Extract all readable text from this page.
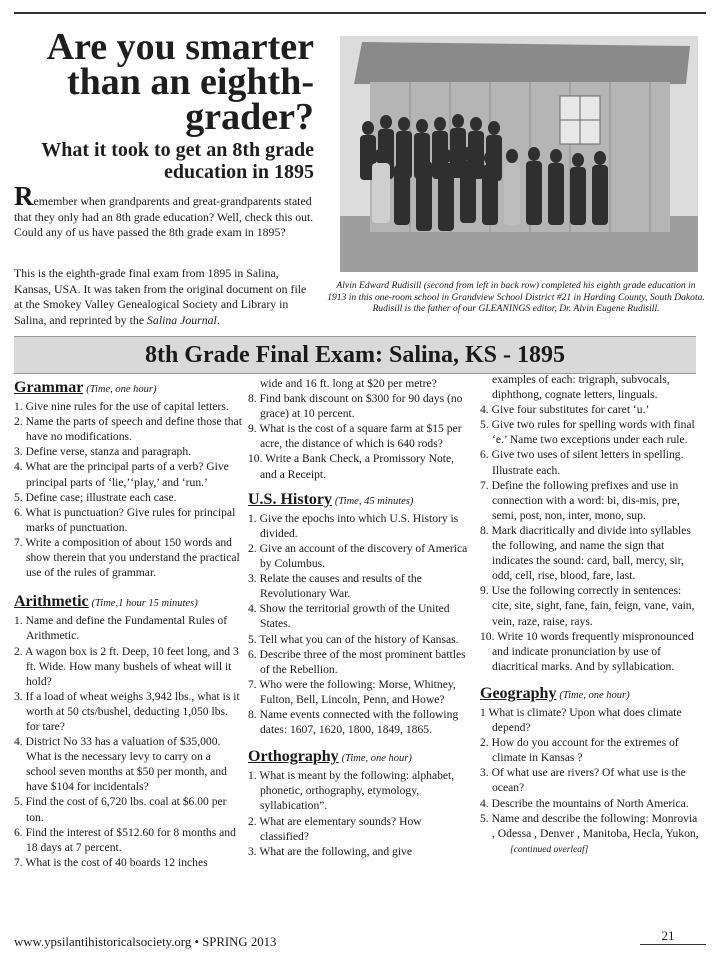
Are you smarter than an eighth-grader?
What it took to get an 8th grade education in 1895

Remember when grandparents and great-grandparents stated that they only had an 8th grade education? Well, check this out. Could any of us have passed the 8th grade exam in 1895?

This is the eighth-grade final exam from 1895 in Salina, Kansas, USA. It was taken from the original document on file at the Smokey Valley Genealogical Society and Library in Salina, and reprinted by the Salina Journal.

Alvin Edward Rudisill (second from left in back row) completed his eighth grade education in 1913 in this one-room school in Grandview School District #21 in Harding County, South Dakota. Rudisill is the father of our GLEANINGS editor, Dr. Alvin Eugene Rudisill.

8th Grade Final Exam: Salina, KS - 1895
Grammar (Time, one hour)
1. Give nine rules for the use of capital letters.
2. Name the parts of speech and define those that have no modifications.
3. Define verse, stanza and paragraph.
4. What are the principal parts of a verb? Give principal parts of ‘lie,’‘play,’ and ‘run.’
5. Define case; illustrate each case.
6. What is punctuation? Give rules for principal marks of punctuation.
7. Write a composition of about 150 words and show therein that you understand the practical use of the rules of grammar.
Arithmetic (Time,1 hour 15 minutes)
1. Name and define the Fundamental Rules of Arithmetic.
2. A wagon box is 2 ft. Deep, 10 feet long, and 3 ft. Wide. How many bushels of wheat will it hold?
3. If a load of wheat weighs 3,942 lbs., what is it worth at 50 cts/bushel, deducting 1,050 lbs. for tare?
4. District No 33 has a valuation of $35,000. What is the necessary levy to carry on a school seven months at $50 per month, and have $104 for incidentals?
5. Find the cost of 6,720 lbs. coal at $6.00 per ton.
6. Find the interest of $512.60 for 8 months and 18 days at 7 percent.
7. What is the cost of 40 boards 12 inches

wide and 16 ft. long at $20 per metre?

8. Find bank discount on $300 for 90 days (no grace) at 10 percent.
9. What is the cost of a square farm at $15 per acre, the distance of which is 640 rods?
10. Write a Bank Check, a Promissory Note, and a Receipt.
U.S. History (Time, 45 minutes)
1. Give the epochs into which U.S. History is divided.
2. Give an account of the discovery of America by Columbus.
3. Relate the causes and results of the Revolutionary War.
4. Show the territorial growth of the United States.
5. Tell what you can of the history of Kansas.
6. Describe three of the most prominent battles of the Rebellion.
7. Who were the following: Morse, Whitney, Fulton, Bell, Lincoln, Penn, and Howe?
8. Name events connected with the following dates: 1607, 1620, 1800, 1849, 1865.
Orthography (Time, one hour)
1. What is meant by the following: alphabet, phonetic, orthography, etymology, syllabication”.
2. What are elementary sounds? How classified?
3. What are the following, and give

examples of each: trigraph, subvocals, diphthong, cognate letters, linguals.

4. Give four substitutes for caret ‘u.’
5. Give two rules for spelling words with final ‘e.’ Name two exceptions under each rule.
6. Give two uses of silent letters in spelling. Illustrate each.
7. Define the following prefixes and use in connection with a word: bi, dis-mis, pre, semi, post, non, inter, mono, sup.
8. Mark diacritically and divide into syllables the following, and name the sign that indicates the sound: card, ball, mercy, sir, odd, cell, rise, blood, fare, last.
9. Use the following correctly in sentences: cite, site, sight, fane, fain, feign, vane, vain, vein, raze, raise, rays.
10. Write 10 words frequently mispronounced and indicate pronunciation by use of diacritical marks. And by syllabication.
Geography (Time, one hour)
1 What is climate? Upon what does climate depend?
2. How do you account for the extremes of climate in Kansas ?
3. Of what use are rivers? Of what use is the ocean?
4. Describe the mountains of North America.
5. Name and describe the following: Monrovia , Odessa , Denver , Manitoba, Hecla, Yukon,
[continued overleaf]
www.ypsilantihistoricalsociety.org • SPRING 2013	21
